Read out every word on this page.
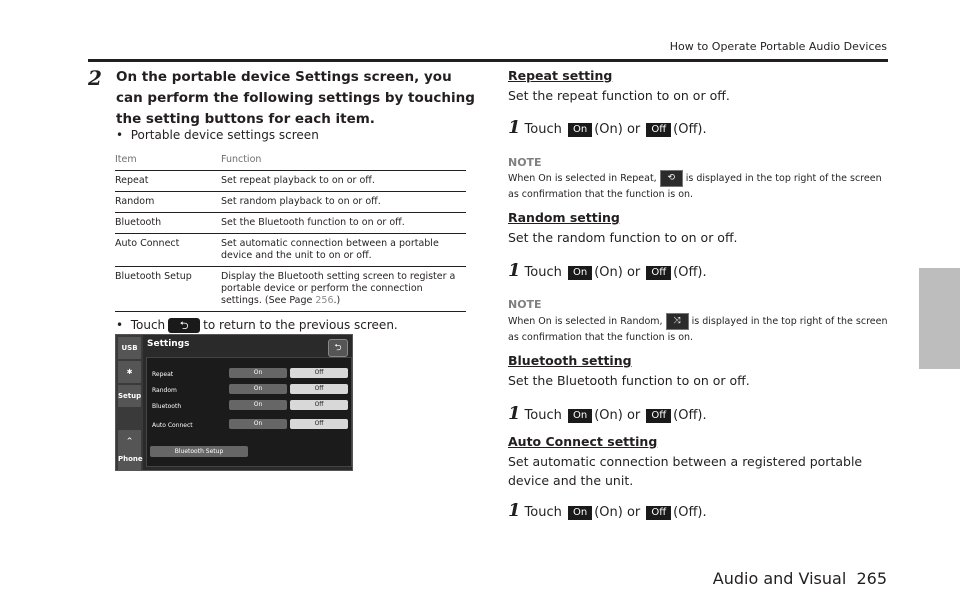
How to Operate Portable Audio Devices
2 On the portable device Settings screen, you can perform the following settings by touching the setting buttons for each item.
•  Portable device settings screen
Item	Function
Repeat	Set repeat playback to on or off.
Random	Set random playback to on or off.
Bluetooth	Set the Bluetooth function to on or off.
Auto Connect	Set automatic connection between a portable device and the unit to on or off.
Bluetooth Setup	Display the Bluetooth setting screen to register a portable device or perform the connection settings. (See Page 256.)
•  Touch ⮌ to return to the previous screen.
USB
✱
Setup
^
Phone
Settings	⮌
Repeat	On	Off
Random	On	Off
Bluetooth	On	Off
Auto Connect	On	Off
Bluetooth Setup
Repeat setting
Set the repeat function to on or off.
1 Touch On (On) or Off (Off).
NOTE
When On is selected in Repeat, ⟲ is displayed in the top right of the screen as confirmation that the function is on.
Random setting
Set the random function to on or off.
1 Touch On (On) or Off (Off).
NOTE
When On is selected in Random, ⤨ is displayed in the top right of the screen as confirmation that the function is on.
Bluetooth setting
Set the Bluetooth function to on or off.
1 Touch On (On) or Off (Off).
Auto Connect setting
Set automatic connection between a registered portable device and the unit.
1 Touch On (On) or Off (Off).
Audio and Visual 265
